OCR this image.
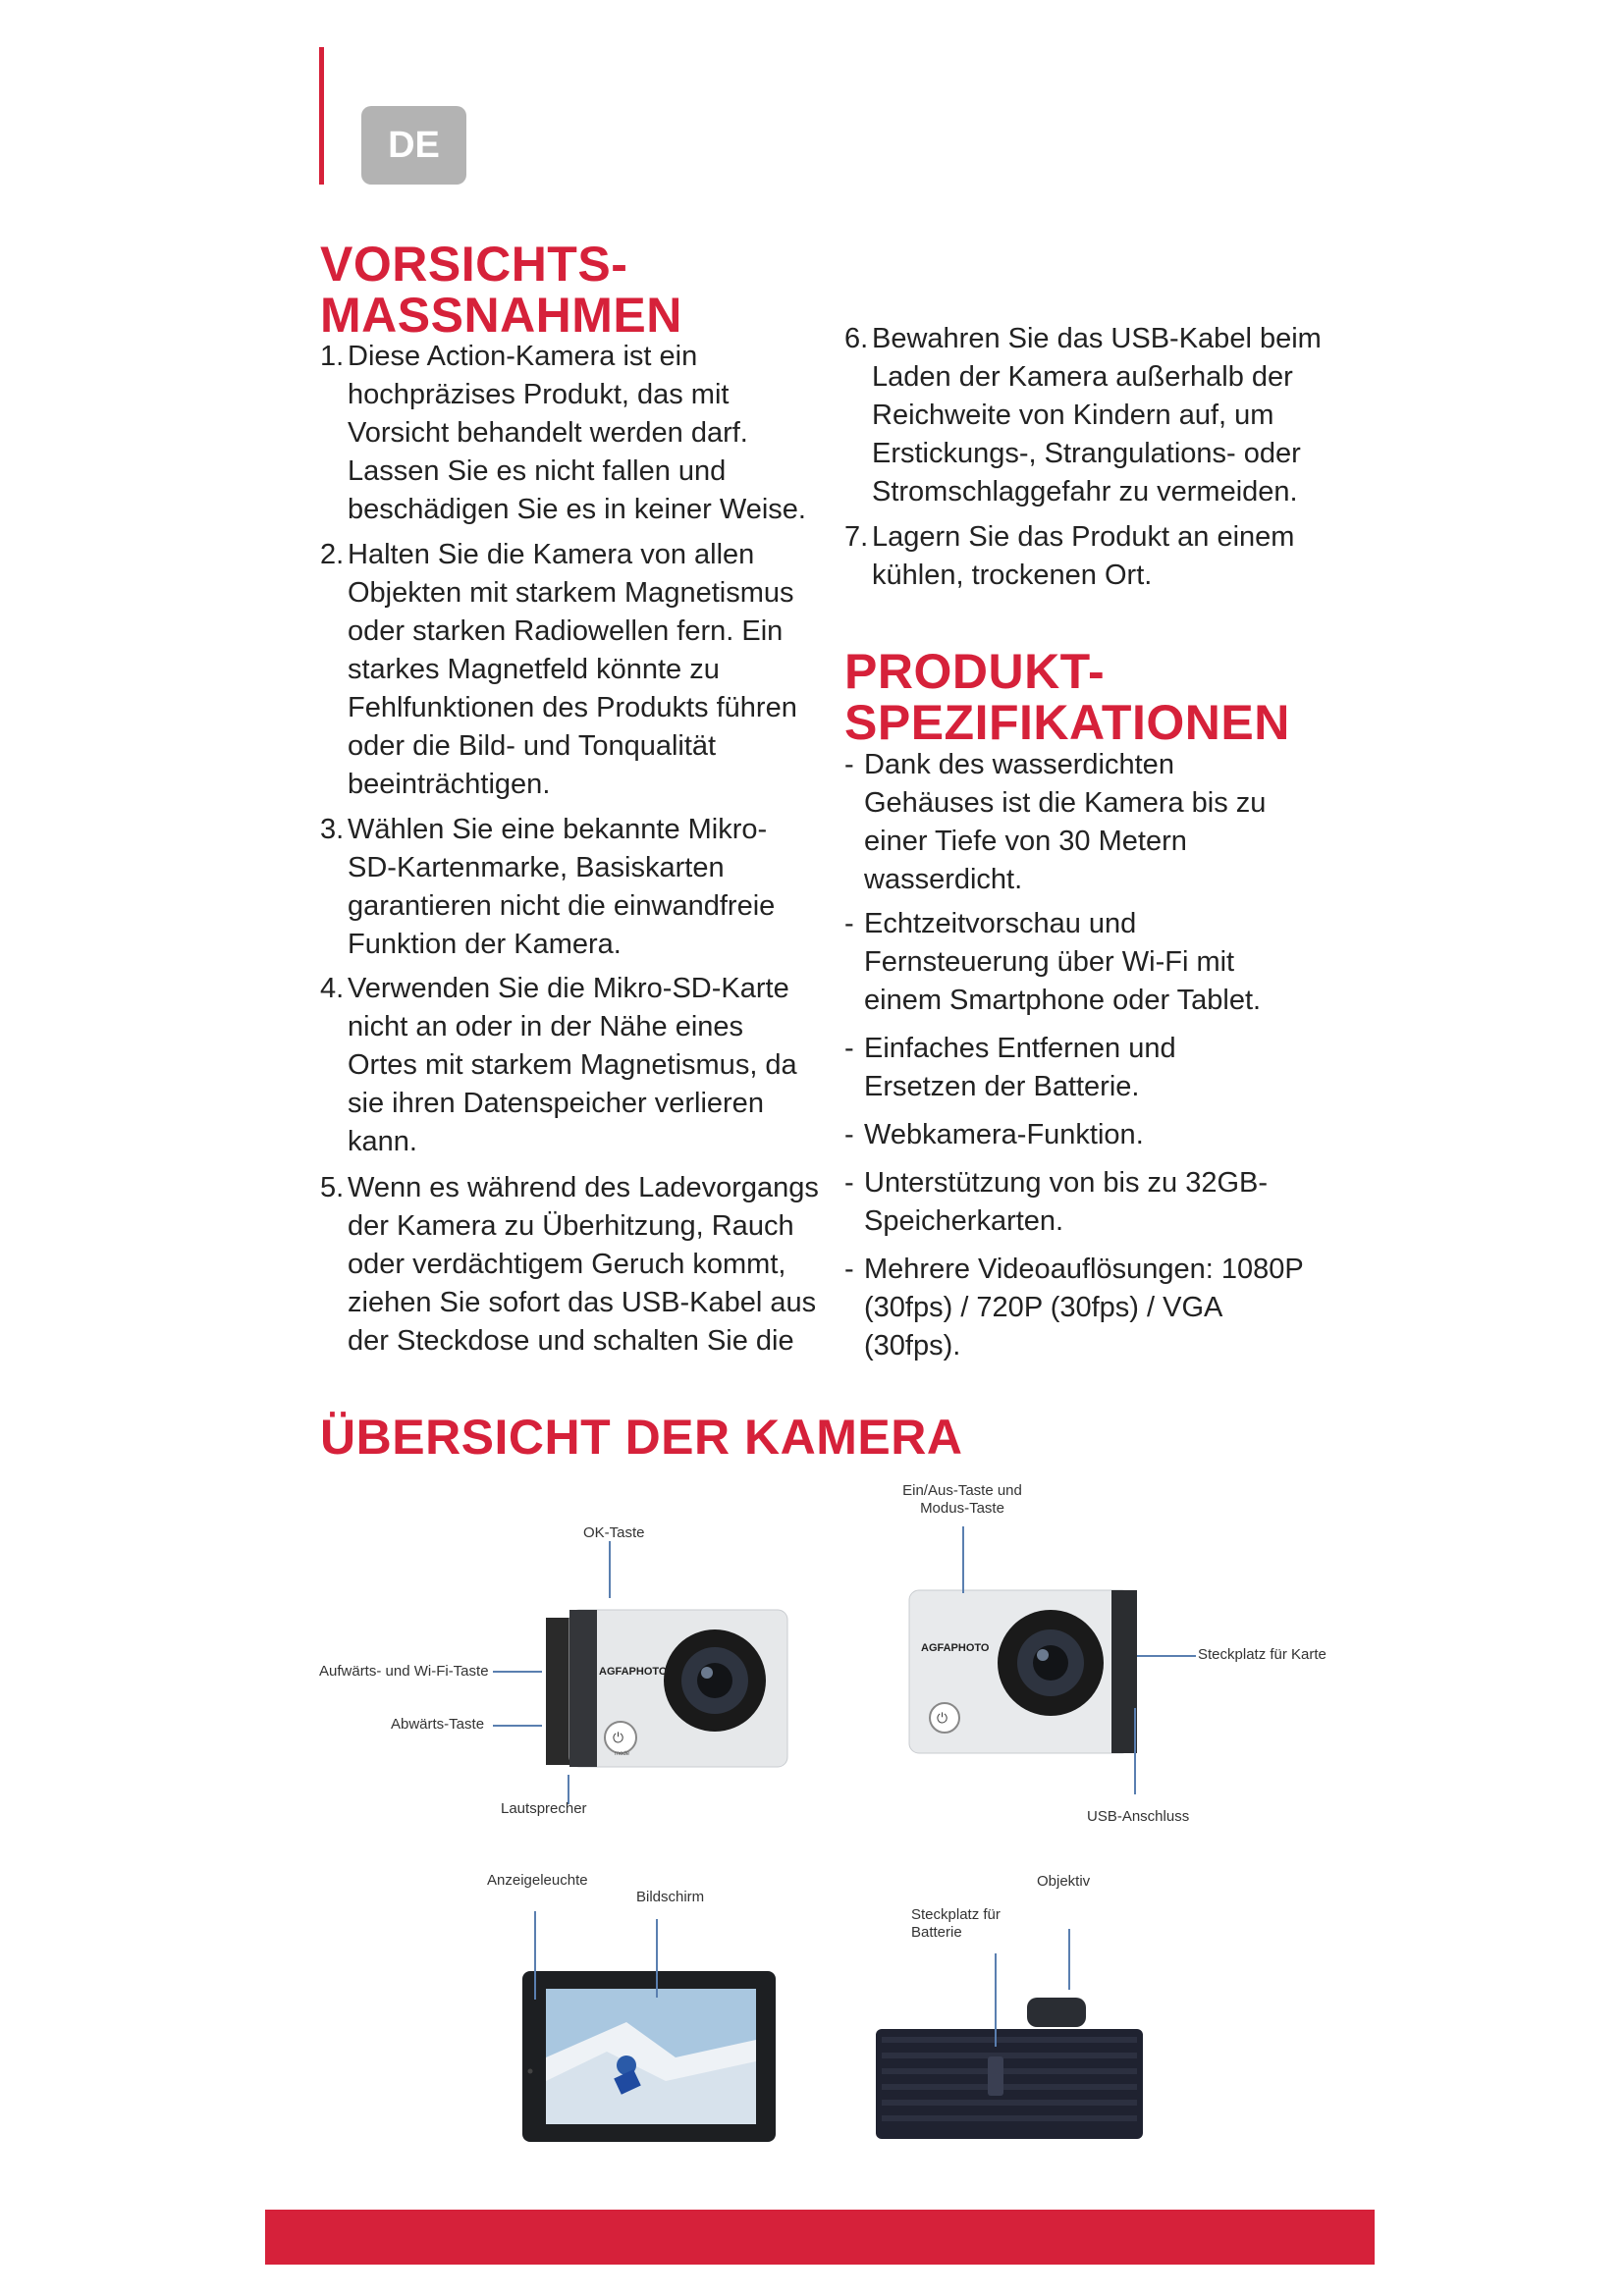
DE
VORSICHTS-
MASSNAHMEN
1. Diese Action-Kamera ist ein hochpräzises Produkt, das mit Vorsicht behandelt werden darf. Lassen Sie es nicht fallen und beschädigen Sie es in keiner Weise.
2. Halten Sie die Kamera von allen Objekten mit starkem Magnetismus oder starken Radiowellen fern. Ein starkes Magnetfeld könnte zu Fehlfunktionen des Produkts führen oder die Bild- und Tonqualität beeinträchtigen.
3. Wählen Sie eine bekannte Mikro-SD-Kartenmarke, Basiskarten garantieren nicht die einwandfreie Funktion der Kamera.
4. Verwenden Sie die Mikro-SD-Karte nicht an oder in der Nähe eines Ortes mit starkem Magnetismus, da sie ihren Datenspeicher verlieren kann.
5. Wenn es während des Ladevorgangs der Kamera zu Überhitzung, Rauch oder verdächtigem Geruch kommt, ziehen Sie sofort das USB-Kabel aus der Steckdose und schalten Sie die
6. Bewahren Sie das USB-Kabel beim Laden der Kamera außerhalb der Reichweite von Kindern auf, um Erstickungs-, Strangulations- oder Stromschlaggefahr zu vermeiden.
7. Lagern Sie das Produkt an einem kühlen, trockenen Ort.
PRODUKT-
SPEZIFIKATIONEN
- Dank des wasserdichten Gehäuses ist die Kamera bis zu einer Tiefe von 30 Metern wasserdicht.
- Echtzeitvorschau und Fernsteuerung über Wi-Fi mit einem Smartphone oder Tablet.
- Einfaches Entfernen und Ersetzen der Batterie.
- Webkamera-Funktion.
- Unterstützung von bis zu 32GB-Speicherkarten.
- Mehrere Videoauflösungen: 1080P (30fps) / 720P (30fps) / VGA (30fps).
ÜBERSICHT DER KAMERA
AGFAPHOTO
⏻
mode
AGFAPHOTO
⏻
OK-Taste
Aufwärts- und Wi-Fi-Taste
Abwärts-Taste
Lautsprecher
Ein/Aus-Taste und
Modus-Taste
Steckplatz für Karte
USB-Anschluss
Anzeigeleuchte
Bildschirm
Objektiv
Steckplatz für
Batterie
